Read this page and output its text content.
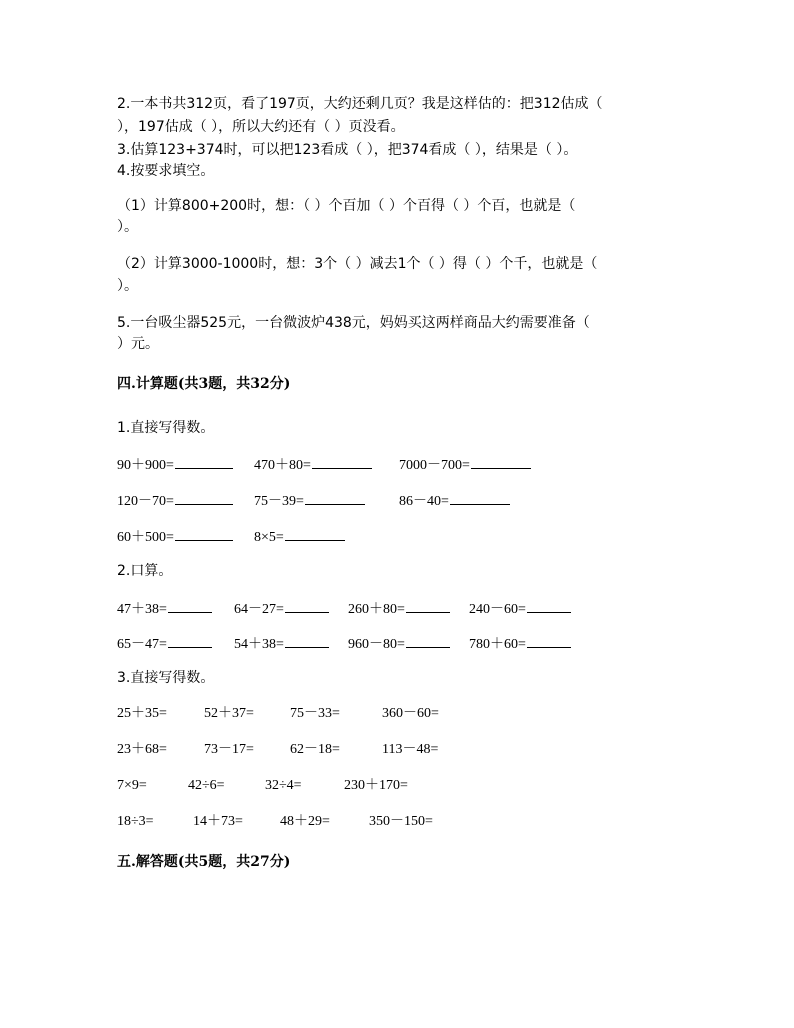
2.一本书共312页，看了197页，大约还剩几页？我是这样估的：把312估成（
），197估成（ ），所以大约还有（ ）页没看。
3.估算123+374时，可以把123看成（ ），把374看成（ ），结果是（ ）。
4.按要求填空。
（1）计算800+200时，想：（ ）个百加（ ）个百得（ ）个百，也就是（
）。
（2）计算3000-1000时，想：3个（ ）减去1个（ ）得（ ）个千，也就是（
）。
5.一台吸尘器525元，一台微波炉438元，妈妈买这两样商品大约需要准备（
）元。
四.计算题(共3题，共32分)
1.直接写得数。
90＋900=	470＋80=	7000－700=
120－70=	75－39=	86－40=
60＋500=	8×5=
2.口算。
47＋38=	64－27=	260＋80=	240－60=
65－47=	54＋38=	960－80=	780＋60=
3.直接写得数。
25＋35=	52＋37=	75－33=	360－60=
23＋68=	73－17=	62－18=	113－48=
7×9=	42÷6=	32÷4=	230＋170=
18÷3=	14＋73=	48＋29=	350－150=
五.解答题(共5题，共27分)
